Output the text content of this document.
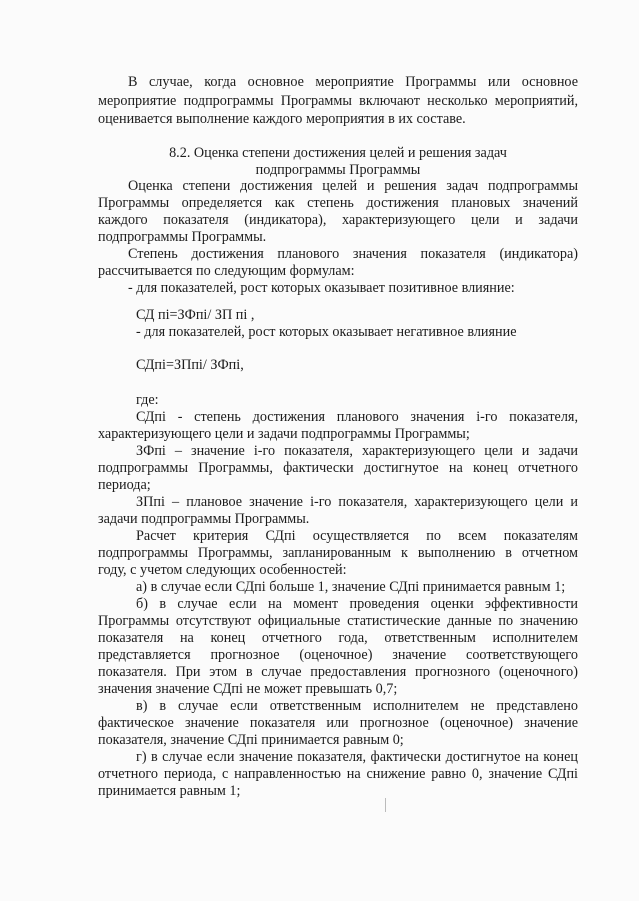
В случае, когда основное мероприятие Программы или основное
мероприятие подпрограммы Программы включают несколько мероприятий,
оценивается выполнение каждого мероприятия в их составе.
8.2. Оценка степени достижения целей и решения задач
подпрограммы Программы
Оценка степени достижения целей и решения задач подпрограммы
Программы определяется как степень достижения плановых значений
каждого показателя (индикатора), характеризующего цели и задачи
подпрограммы Программы.
Степень достижения планового значения показателя (индикатора)
рассчитывается по следующим формулам:
- для показателей, рост которых оказывает позитивное влияние:
СД пi=ЗФпi/ ЗП пi ,
- для показателей, рост которых оказывает негативное влияние
СДпi=ЗПпi/ ЗФпi,
где:
СДпi - степень достижения планового значения i-го показателя,
характеризующего цели и задачи подпрограммы Программы;
ЗФпi – значение i-го показателя, характеризующего цели и задачи
подпрограммы Программы, фактически достигнутое на конец отчетного
периода;
ЗПпi – плановое значение i-го показателя, характеризующего цели и
задачи подпрограммы Программы.
Расчет критерия СДпi осуществляется по всем показателям
подпрограммы Программы, запланированным к выполнению в отчетном
году, с учетом следующих особенностей:
а) в случае если СДпi больше 1, значение СДпi принимается равным 1;
б) в случае если на момент проведения оценки эффективности
Программы отсутствуют официальные статистические данные по значению
показателя на конец отчетного года, ответственным исполнителем
представляется прогнозное (оценочное) значение соответствующего
показателя. При этом в случае предоставления прогнозного (оценочного)
значения значение СДпi не может превышать 0,7;
в) в случае если ответственным исполнителем не представлено
фактическое значение показателя или прогнозное (оценочное) значение
показателя, значение СДпi принимается равным 0;
г) в случае если значение показателя, фактически достигнутое на конец
отчетного периода, с направленностью на снижение равно 0, значение СДпi
принимается равным 1;
